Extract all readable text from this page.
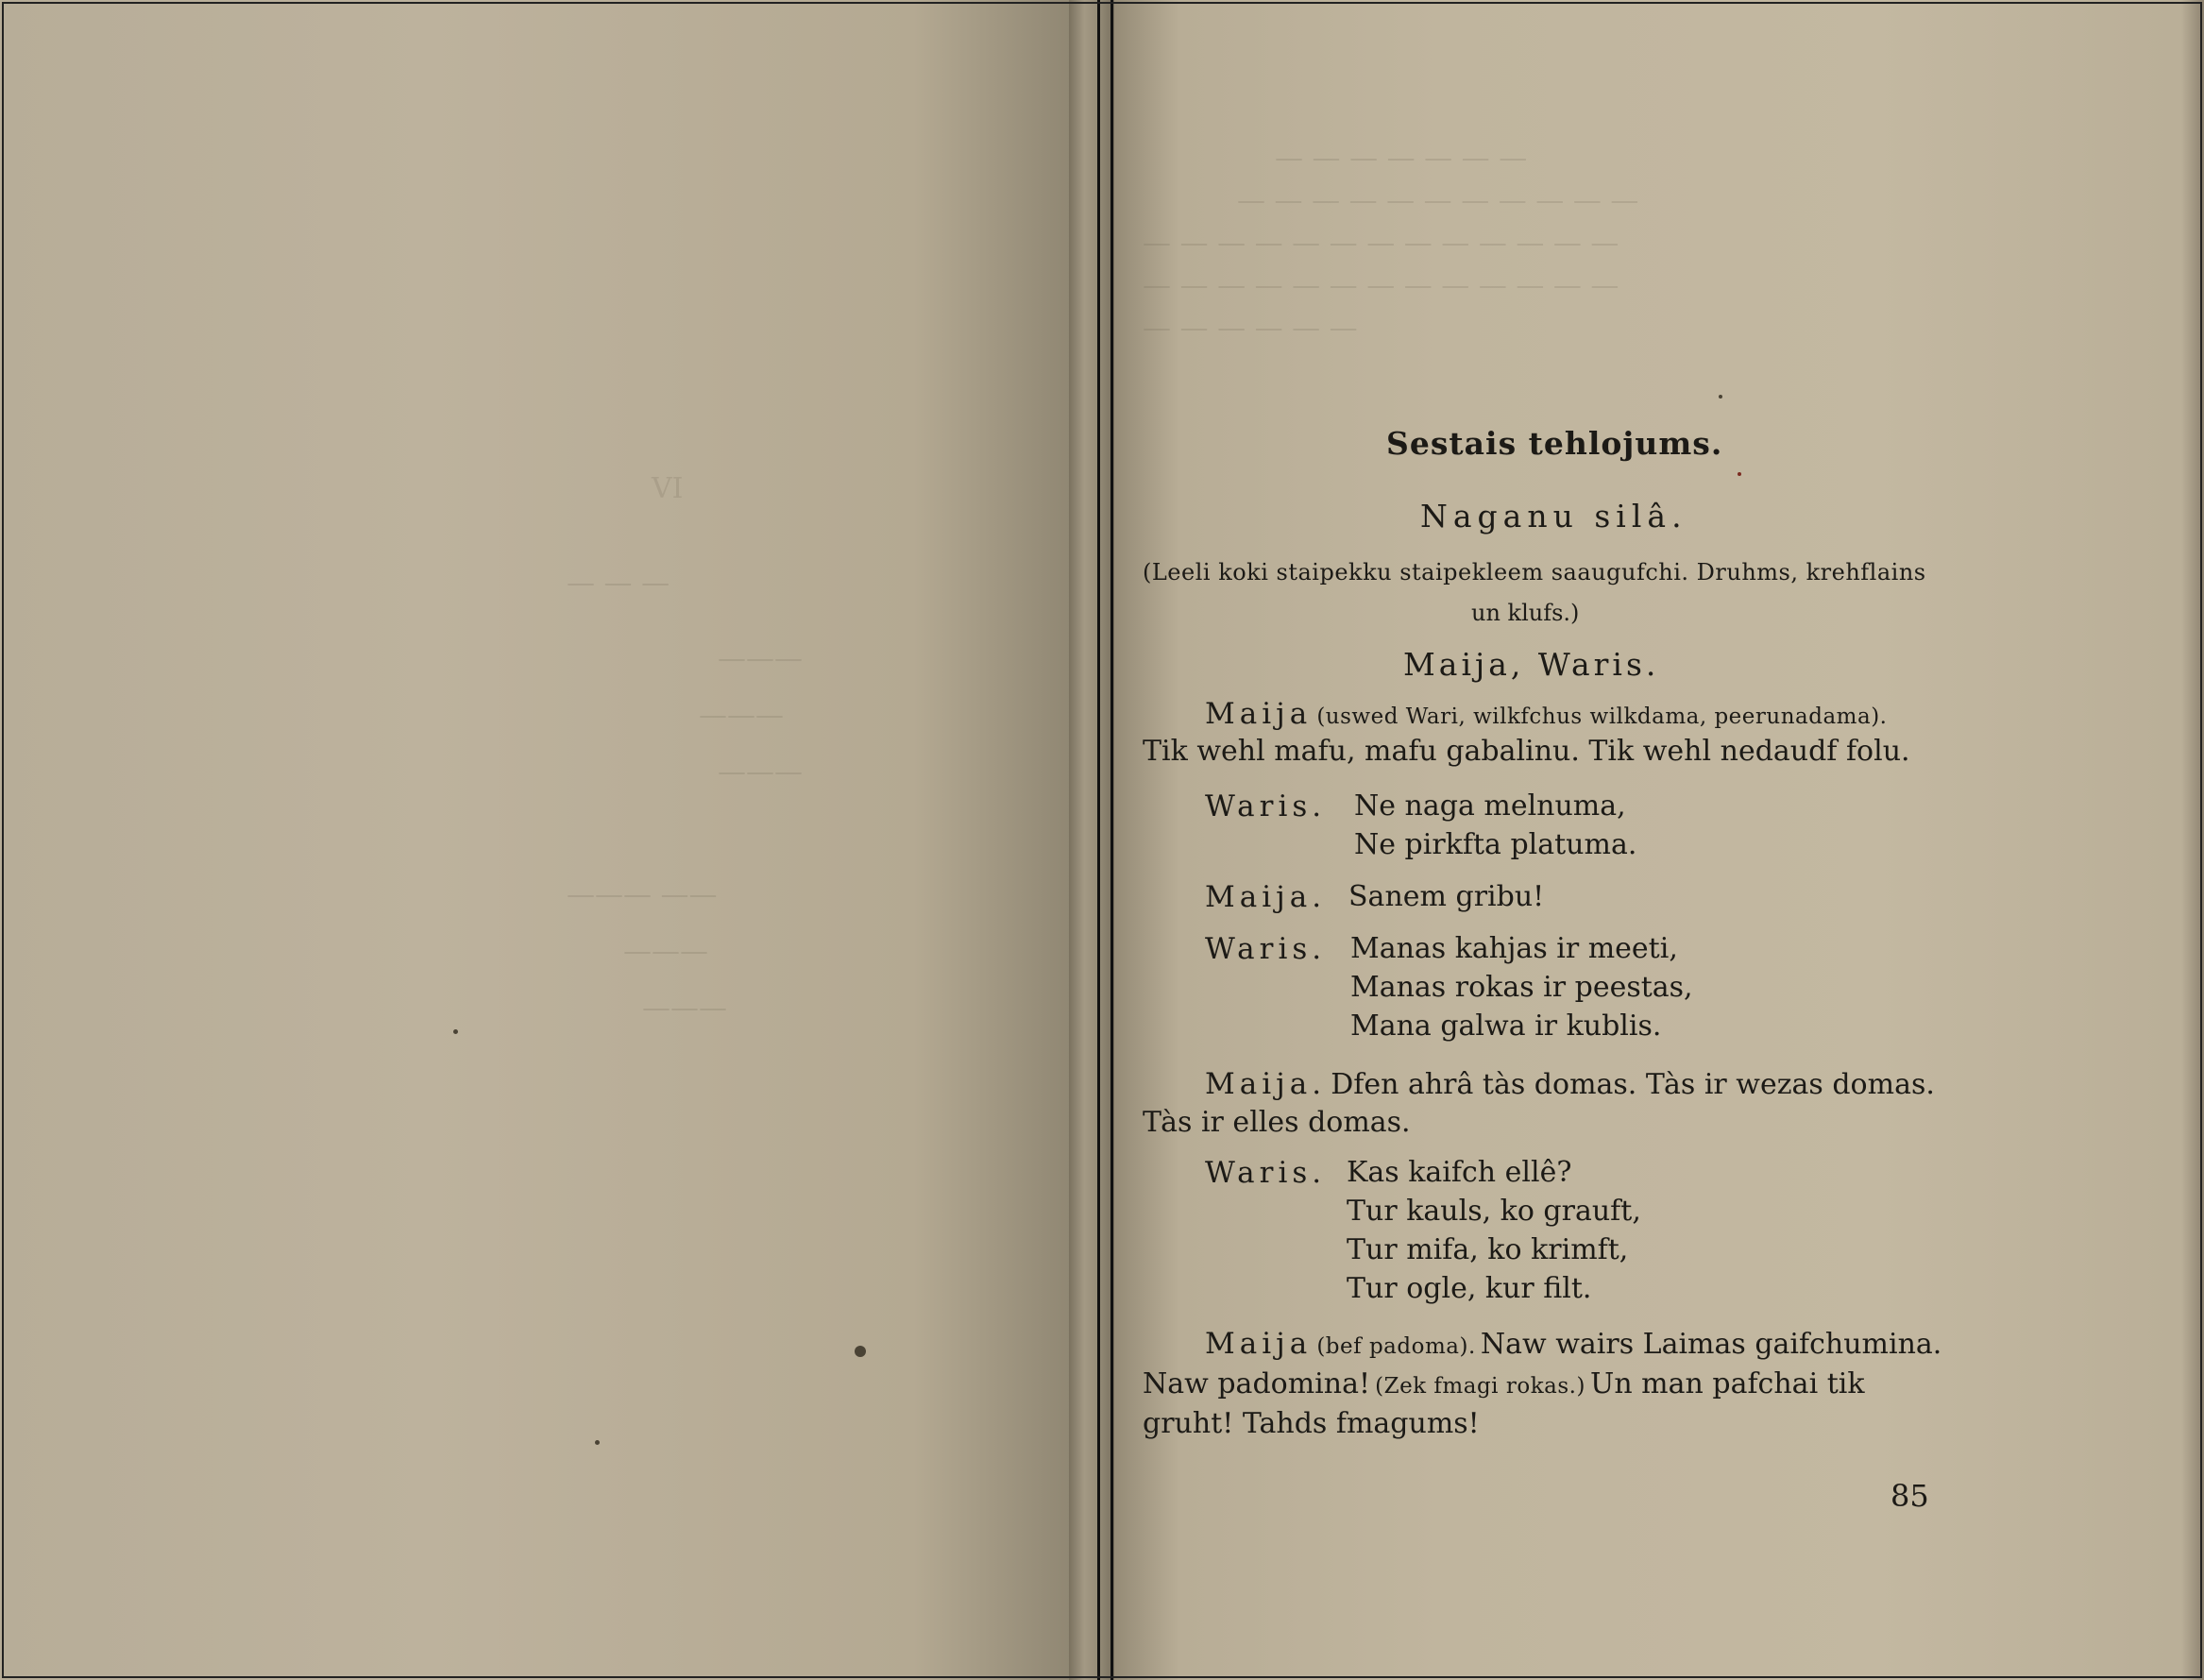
VI
— — —
———
———
———
——— ——
———
———
— — — — — — —
— — — — — — — — — — —
— — — — — — — — — — — — —
— — — — — — — — — — — — —
— — — — — —
Sestais tehlojums.
Naganu silâ.
(Leeli koki staipekku staipekleem saaugufchi. Druhms, krehflains
un klufs.)
Maija, Waris.
Maija (uswed Wari, wilkfchus wilkdama, peerunadama).
Tik wehl mafu, mafu gabalinu. Tik wehl nedaudf folu.
Waris. Ne naga melnuma,
Ne pirkfta platuma.
Maija. Sanem gribu!
Waris. Manas kahjas ir meeti,
Manas rokas ir peestas,
Mana galwa ir kublis.
Maija. Dfen ahrâ tàs domas. Tàs ir wezas domas.
Tàs ir elles domas.
Waris. Kas kaifch ellê?
Tur kauls, ko grauft,
Tur mifa, ko krimft,
Tur ogle, kur filt.
Maija (bef padoma). Naw wairs Laimas gaifchumina.
Naw padomina! (Zek fmagi rokas.) Un man pafchai tik
gruht! Tahds fmagums!
85
